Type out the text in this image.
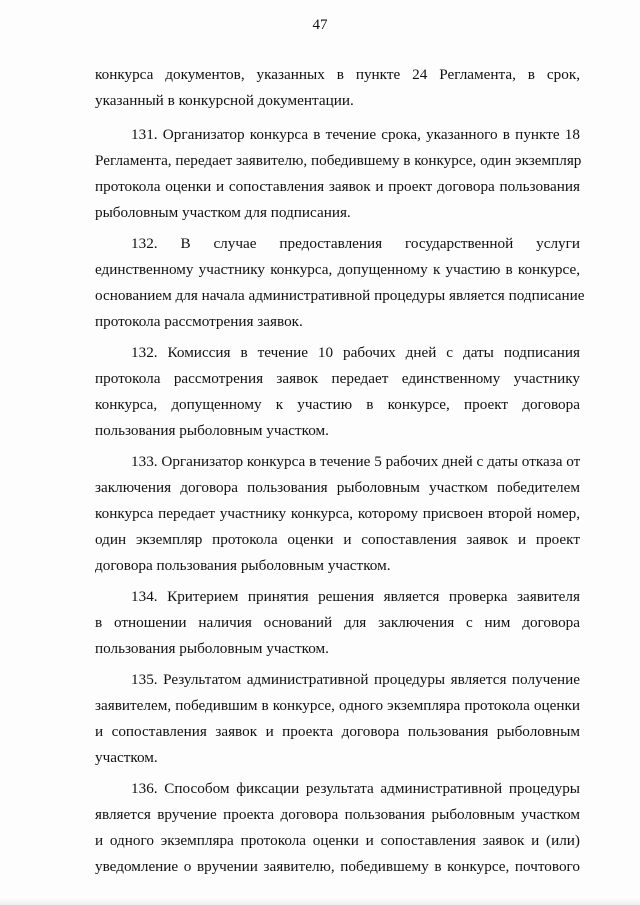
47
конкурса документов, указанных в пункте 24 Регламента, в срок,
указанный в конкурсной документации.
131. Организатор конкурса в течение срока, указанного в пункте 18
Регламента, передает заявителю, победившему в конкурсе, один экземпляр
протокола оценки и сопоставления заявок и проект договора пользования
рыболовным участком для подписания.
132. В случае предоставления государственной услуги
единственному участнику конкурса, допущенному к участию в конкурсе,
основанием для начала административной процедуры является подписание
протокола рассмотрения заявок.
132. Комиссия в течение 10 рабочих дней с даты подписания
протокола рассмотрения заявок передает единственному участнику
конкурса, допущенному к участию в конкурсе, проект договора
пользования рыболовным участком.
133. Организатор конкурса в течение 5 рабочих дней с даты отказа от
заключения договора пользования рыболовным участком победителем
конкурса передает участнику конкурса, которому присвоен второй номер,
один экземпляр протокола оценки и сопоставления заявок и проект
договора пользования рыболовным участком.
134. Критерием принятия решения является проверка заявителя
в отношении наличия оснований для заключения с ним договора
пользования рыболовным участком.
135. Результатом административной процедуры является получение
заявителем, победившим в конкурсе, одного экземпляра протокола оценки
и сопоставления заявок и проекта договора пользования рыболовным
участком.
136. Способом фиксации результата административной процедуры
является вручение проекта договора пользования рыболовным участком
и одного экземпляра протокола оценки и сопоставления заявок и (или)
уведомление о вручении заявителю, победившему в конкурсе, почтового
